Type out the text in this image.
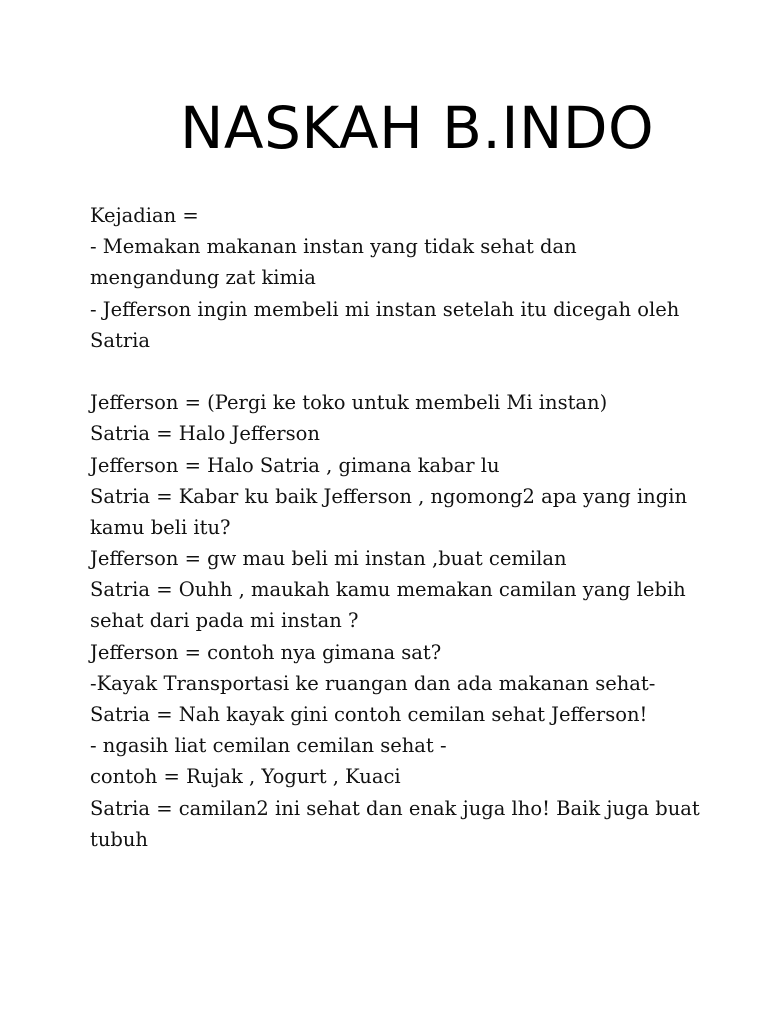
NASKAH B.INDO

Kejadian =

- Memakan makanan instan yang tidak sehat dan

mengandung zat kimia

- Jefferson ingin membeli mi instan setelah itu dicegah oleh

Satria

Jefferson = (Pergi ke toko untuk membeli Mi instan)

Satria = Halo Jefferson

Jefferson = Halo Satria , gimana kabar lu

Satria = Kabar ku baik Jefferson , ngomong2 apa yang ingin

kamu beli itu?

Jefferson = gw mau beli mi instan ,buat cemilan

Satria = Ouhh , maukah kamu memakan camilan yang lebih

sehat dari pada mi instan ?

Jefferson = contoh nya gimana sat?

-Kayak Transportasi ke ruangan dan ada makanan sehat-

Satria = Nah kayak gini contoh cemilan sehat Jefferson!

- ngasih liat cemilan cemilan sehat -

contoh = Rujak , Yogurt , Kuaci

Satria = camilan2 ini sehat dan enak juga lho! Baik juga buat

tubuh
